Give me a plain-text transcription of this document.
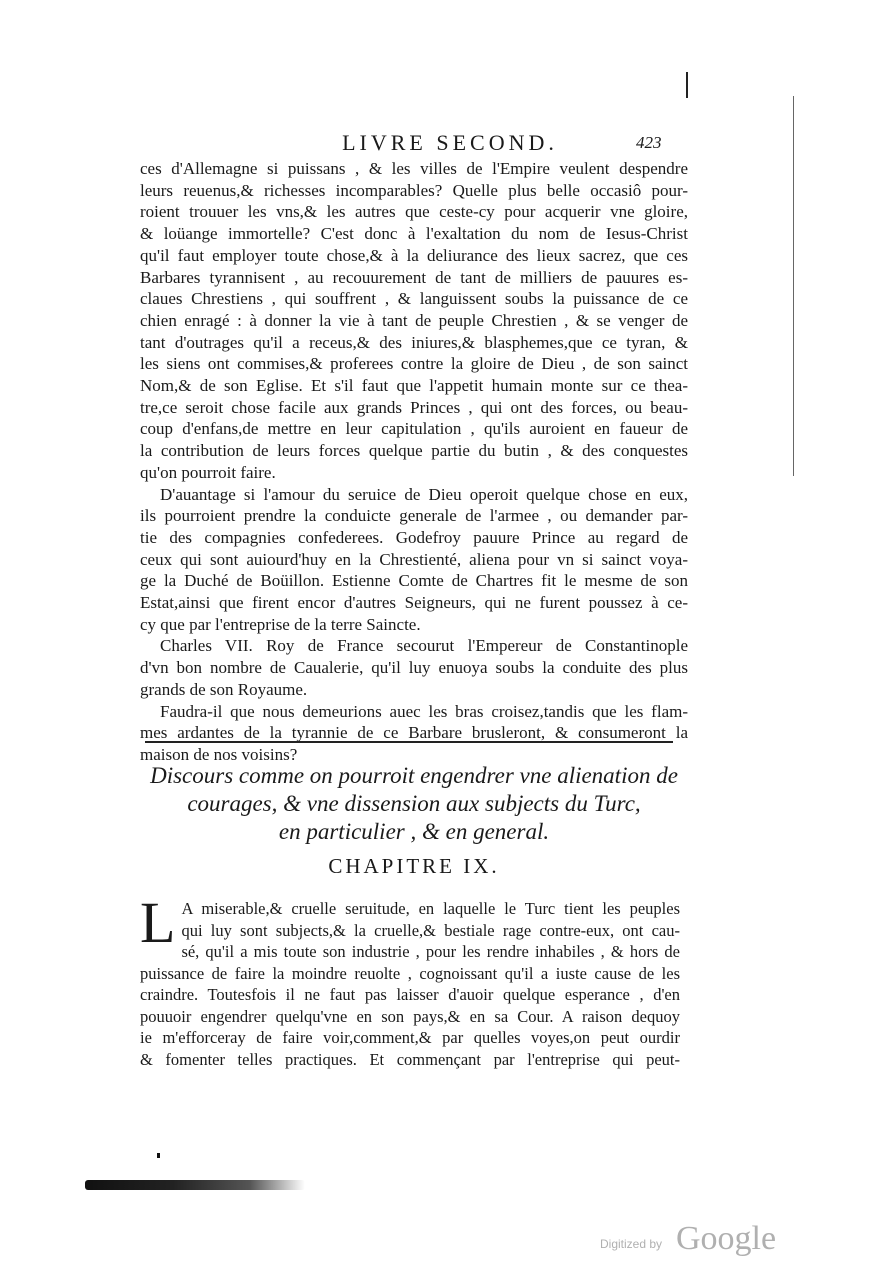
LIVRE SECOND.	423

ces d'Allemagne si puissans , & les villes de l'Empire veulent despendre
leurs reuenus,& richesses incomparables? Quelle plus belle occasiô pour-
roient trouuer les vns,& les autres que ceste-cy pour acquerir vne gloire,
& loüange immortelle? C'est donc à l'exaltation du nom de Iesus-Christ
qu'il faut employer toute chose,& à la deliurance des lieux sacrez, que ces
Barbares tyrannisent , au recouurement de tant de milliers de pauures es-
claues Chrestiens , qui souffrent , & languissent soubs la puissance de ce
chien enragé : à donner la vie à tant de peuple Chrestien , & se venger de
tant d'outrages qu'il a receus,& des iniures,& blasphemes,que ce tyran, &
les siens ont commises,& proferees contre la gloire de Dieu , de son sainct
Nom,& de son Eglise. Et s'il faut que l'appetit humain monte sur ce thea-
tre,ce seroit chose facile aux grands Princes , qui ont des forces, ou beau-
coup d'enfans,de mettre en leur capitulation , qu'ils auroient en faueur de
la contribution de leurs forces quelque partie du butin , & des conquestes
qu'on pourroit faire.

D'auantage si l'amour du seruice de Dieu operoit quelque chose en eux,
ils pourroient prendre la conduicte generale de l'armee , ou demander par-
tie des compagnies confederees. Godefroy pauure Prince au regard de
ceux qui sont auiourd'huy en la Chrestienté, aliena pour vn si sainct voya-
ge la Duché de Boüillon. Estienne Comte de Chartres fit le mesme de son
Estat,ainsi que firent encor d'autres Seigneurs, qui ne furent poussez à ce-
cy que par l'entreprise de la terre Saincte.

Charles VII. Roy de France secourut l'Empereur de Constantinople
d'vn bon nombre de Caualerie, qu'il luy enuoya soubs la conduite des plus
grands de son Royaume.

Faudra-il que nous demeurions auec les bras croisez,tandis que les flam-
mes ardantes de la tyrannie de ce Barbare brusleront, & consumeront la
maison de nos voisins?

Discours comme on pourroit engendrer vne alienation de
courages, & vne dissension aux subjects du Turc,
en particulier , & en general.
CHAPITRE IX.
L A miserable,& cruelle seruitude, en laquelle le Turc tient les peuples
qui luy sont subjects,& la cruelle,& bestiale rage contre-eux, ont cau-
sé, qu'il a mis toute son industrie , pour les rendre inhabiles , & hors de
puissance de faire la moindre reuolte , cognoissant qu'il a iuste cause de les
craindre. Toutesfois il ne faut pas laisser d'auoir quelque esperance , d'en
pouuoir engendrer quelqu'vne en son pays,& en sa Cour. A raison dequoy
ie m'efforceray de faire voir,comment,& par quelles voyes,on peut ourdir
& fomenter telles practiques. Et commençant par l'entreprise qui peut-
Digitized by Google
